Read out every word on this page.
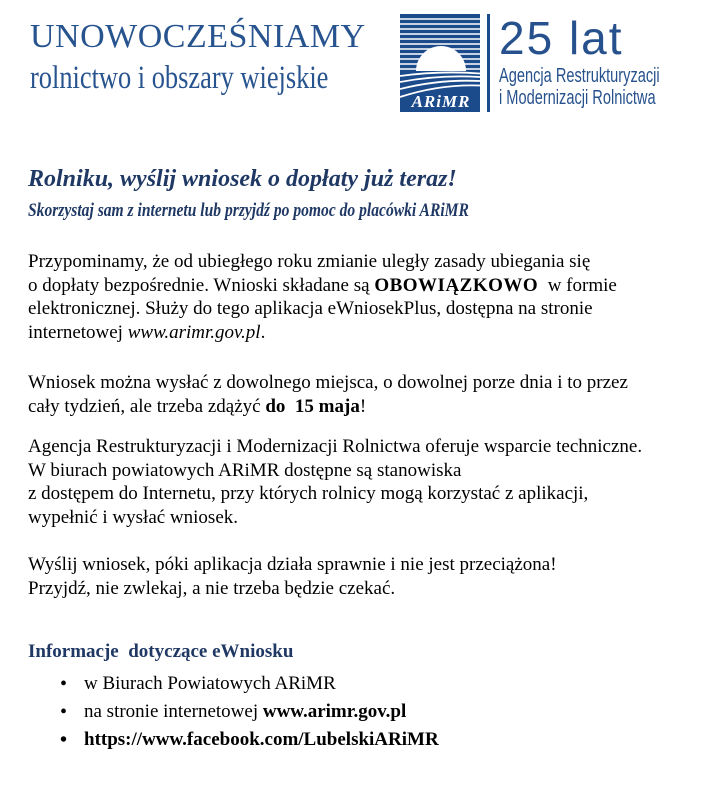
UNOWOCZEŚNIAMY
rolnictwo i obszary wiejskie
ARiMR
25 lat
Agencja Restrukturyzacji
i Modernizacji Rolnictwa
Rolniku, wyślij wniosek o dopłaty już teraz!
Skorzystaj sam z internetu lub przyjdź po pomoc do placówki ARiMR

Przypominamy, że od ubiegłego roku zmianie uległy zasady ubiegania się
o dopłaty bezpośrednie. Wnioski składane są OBOWIĄZKOWO  w formie
elektronicznej. Służy do tego aplikacja eWniosekPlus, dostępna na stronie
internetowej www.arimr.gov.pl.

Wniosek można wysłać z dowolnego miejsca, o dowolnej porze dnia i to przez
cały tydzień, ale trzeba zdążyć do  15 maja!

Agencja Restrukturyzacji i Modernizacji Rolnictwa oferuje wsparcie techniczne.
W biurach powiatowych ARiMR dostępne są stanowiska
z dostępem do Internetu, przy których rolnicy mogą korzystać z aplikacji,
wypełnić i wysłać wniosek.

Wyślij wniosek, póki aplikacja działa sprawnie i nie jest przeciążona!
Przyjdź, nie zwlekaj, a nie trzeba będzie czekać.

Informacje  dotyczące eWniosku
• w Biurach Powiatowych ARiMR
• na stronie internetowej www.arimr.gov.pl
• https://www.facebook.com/LubelskiARiMR
